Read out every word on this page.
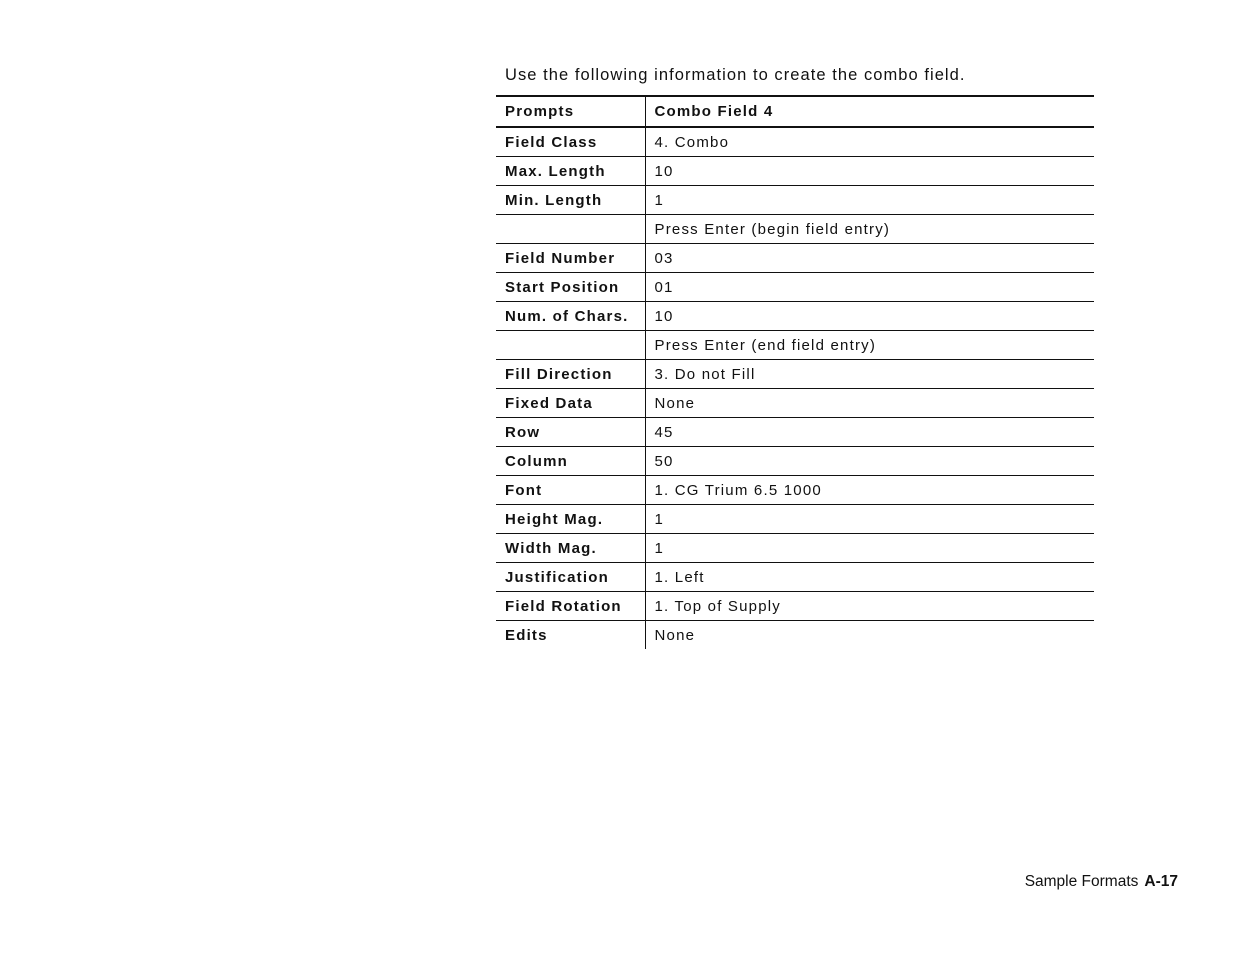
Use the following information to create the combo field.
Prompts	Combo Field 4
Field Class	4. Combo
Max. Length	10
Min. Length	1
	Press Enter (begin field entry)
Field Number	03
Start Position	01
Num. of Chars.	10
	Press Enter (end field entry)
Fill Direction	3. Do not Fill
Fixed Data	None
Row	45
Column	50
Font	1. CG Trium 6.5 1000
Height Mag.	1
Width Mag.	1
Justification	1. Left
Field Rotation	1. Top of Supply
Edits	None
Sample Formats A-17
